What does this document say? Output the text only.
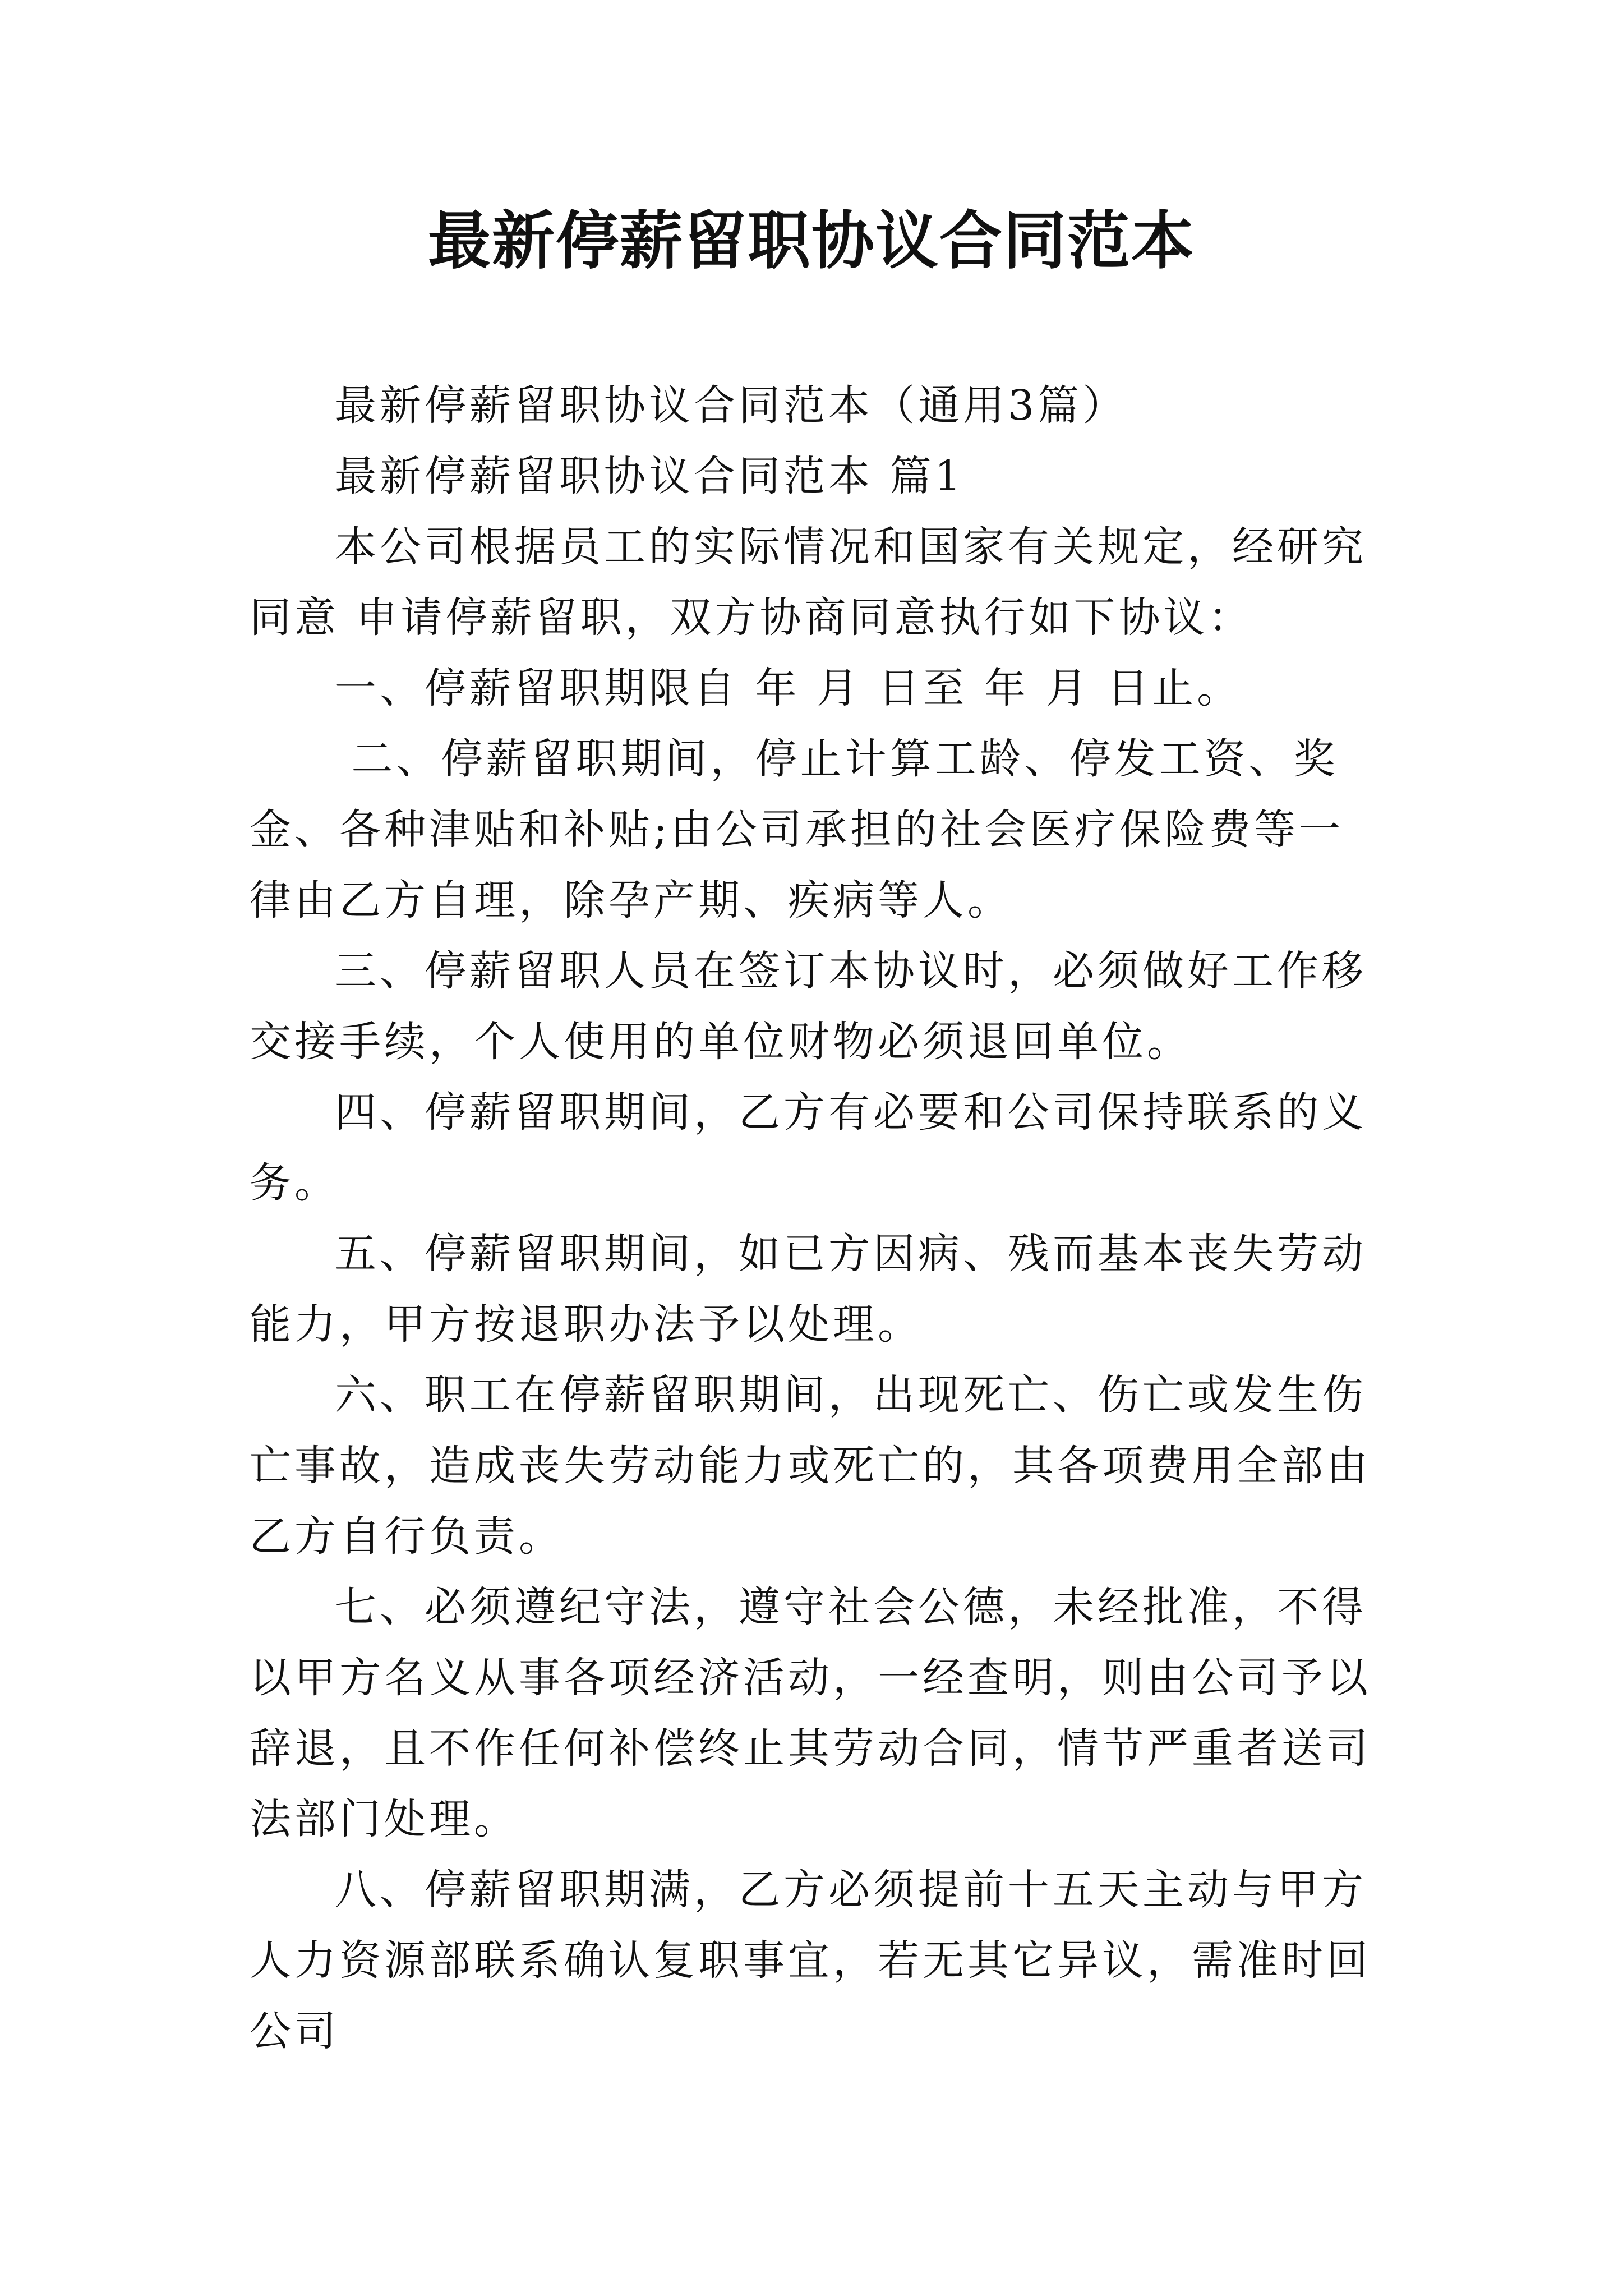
最新停薪留职协议合同范本

最新停薪留职协议合同范本（通用3篇）

最新停薪留职协议合同范本 篇1

本公司根据员工的实际情况和国家有关规定，经研究同意 申请停薪留职，双方协商同意执行如下协议：

一、停薪留职期限自 年 月 日至 年 月 日止。

二、停薪留职期间，停止计算工龄、停发工资、奖金、各种津贴和补贴;由公司承担的社会医疗保险费等一律由乙方自理，除孕产期、疾病等人。

三、停薪留职人员在签订本协议时，必须做好工作移交接手续，个人使用的单位财物必须退回单位。

四、停薪留职期间，乙方有必要和公司保持联系的义务。

五、停薪留职期间，如已方因病、残而基本丧失劳动能力，甲方按退职办法予以处理。

六、职工在停薪留职期间，出现死亡、伤亡或发生伤亡事故，造成丧失劳动能力或死亡的，其各项费用全部由乙方自行负责。

七、必须遵纪守法，遵守社会公德，未经批准，不得以甲方名义从事各项经济活动，一经查明，则由公司予以辞退，且不作任何补偿终止其劳动合同，情节严重者送司法部门处理。

八、停薪留职期满，乙方必须提前十五天主动与甲方人力资源部联系确认复职事宜，若无其它异议，需准时回公司
